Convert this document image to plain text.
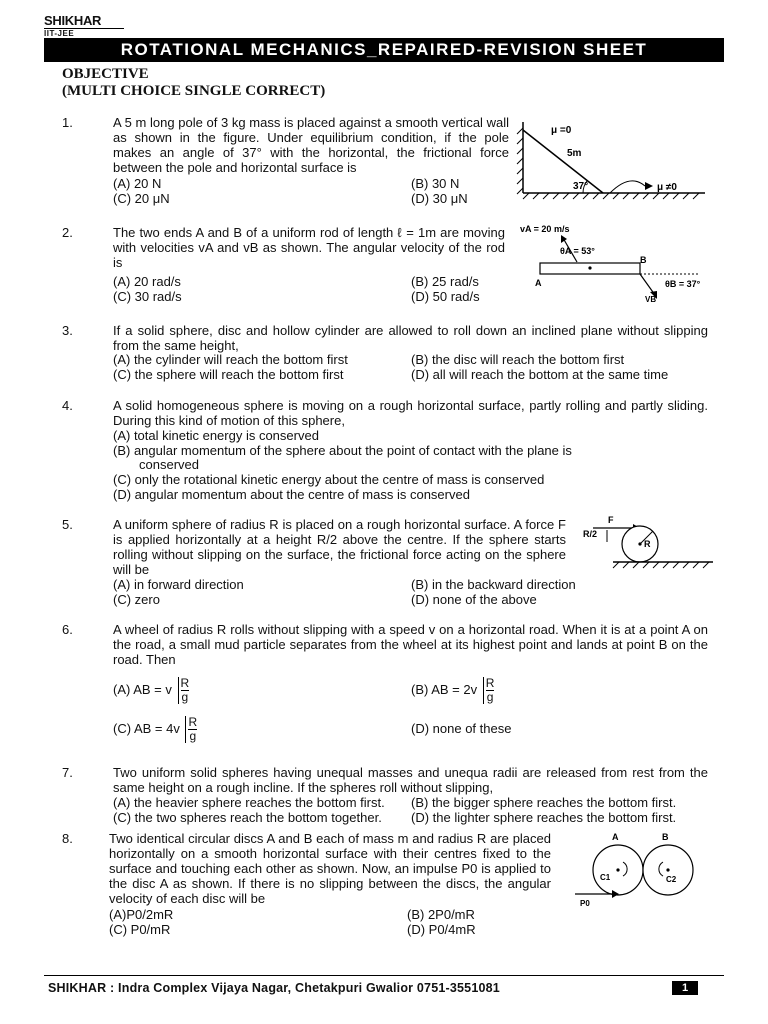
SHIKHAR
IIT-JEE
ROTATIONAL MECHANICS_REPAIRED-REVISION SHEET
OBJECTIVE
(MULTI CHOICE SINGLE CORRECT)
1.	A 5 m long pole of 3 kg mass is placed against a smooth vertical wall as shown in the figure. Under equilibrium condition, if the pole makes an angle of 37° with the horizontal, the frictional force between the pole and horizontal surface is
(A) 20 N	(B) 30 N
(C) 20 μN	(D) 30 μN
μ =0
5m
37°	μ ≠0
2.	The two ends A and B of a uniform rod of length ℓ = 1m are moving with velocities vA and vB as shown. The angular velocity of the rod is
(A) 20 rad/s	(B) 25 rad/s
(C) 30 rad/s	(D) 50 rad/s
vA = 20 m/s
θA = 53°
B
A	θB = 37°
VB
3.	If a solid sphere, disc and hollow cylinder are allowed to roll down an inclined plane without slipping from the same height,
(A) the cylinder will reach the bottom first	(B) the disc will reach the bottom first
(C) the sphere will reach the bottom first	(D) all will reach the bottom at the same time
4.	A solid homogeneous sphere is moving on a rough horizontal surface, partly rolling and partly sliding. During this kind of motion of this sphere,
(A) total kinetic energy is conserved
(B) angular momentum of the sphere about the point of contact with the plane is
conserved
(C) only the rotational kinetic energy about the centre of mass is conserved
(D) angular momentum about the centre of mass is conserved
5.	A uniform sphere of radius R is placed on a rough horizontal surface. A force F is applied horizontally at a height R/2 above the centre. If the sphere starts rolling without slipping on the surface, the frictional force acting on the sphere will be
(A) in forward direction	(B) in the backward direction
(C) zero	(D) none of the above
F
R/2
R
6.	A wheel of radius R rolls without slipping with a speed v on a horizontal road. When it is at a point A on the road, a small mud particle separates from the wheel at its highest point and lands at point B on the road. Then
(A) AB = v $\frac{R}{g}$	(B) AB = $2v \frac{R}{g}$
(C) AB = $4v \frac{R}{g}$	(D) none of these
7.	Two uniform solid spheres having unequal masses and unequa radii are released from rest from the same height on a rough incline. If the spheres roll without slipping,
(A) the heavier sphere reaches the bottom first. (B) the bigger sphere reaches the bottom first.
(C) the two spheres reach the bottom together. (D) the lighter sphere reaches the bottom first.
8.	Two identical circular discs A and B each of mass m and radius R are placed horizontally on a smooth horizontal surface with their centres fixed to the surface and touching each other as shown. Now, an impulse P0 is applied to the disc A as shown. If there is no slipping between the discs, the angular velocity of each disc will be
(A)P0/2mR	(B) 2P0/mR
(C) P0/mR	(D) P0/4mR
A	B
C1	C2
P0
SHIKHAR : Indra Complex Vijaya Nagar, Chetakpuri Gwalior 0751-3551081	1
